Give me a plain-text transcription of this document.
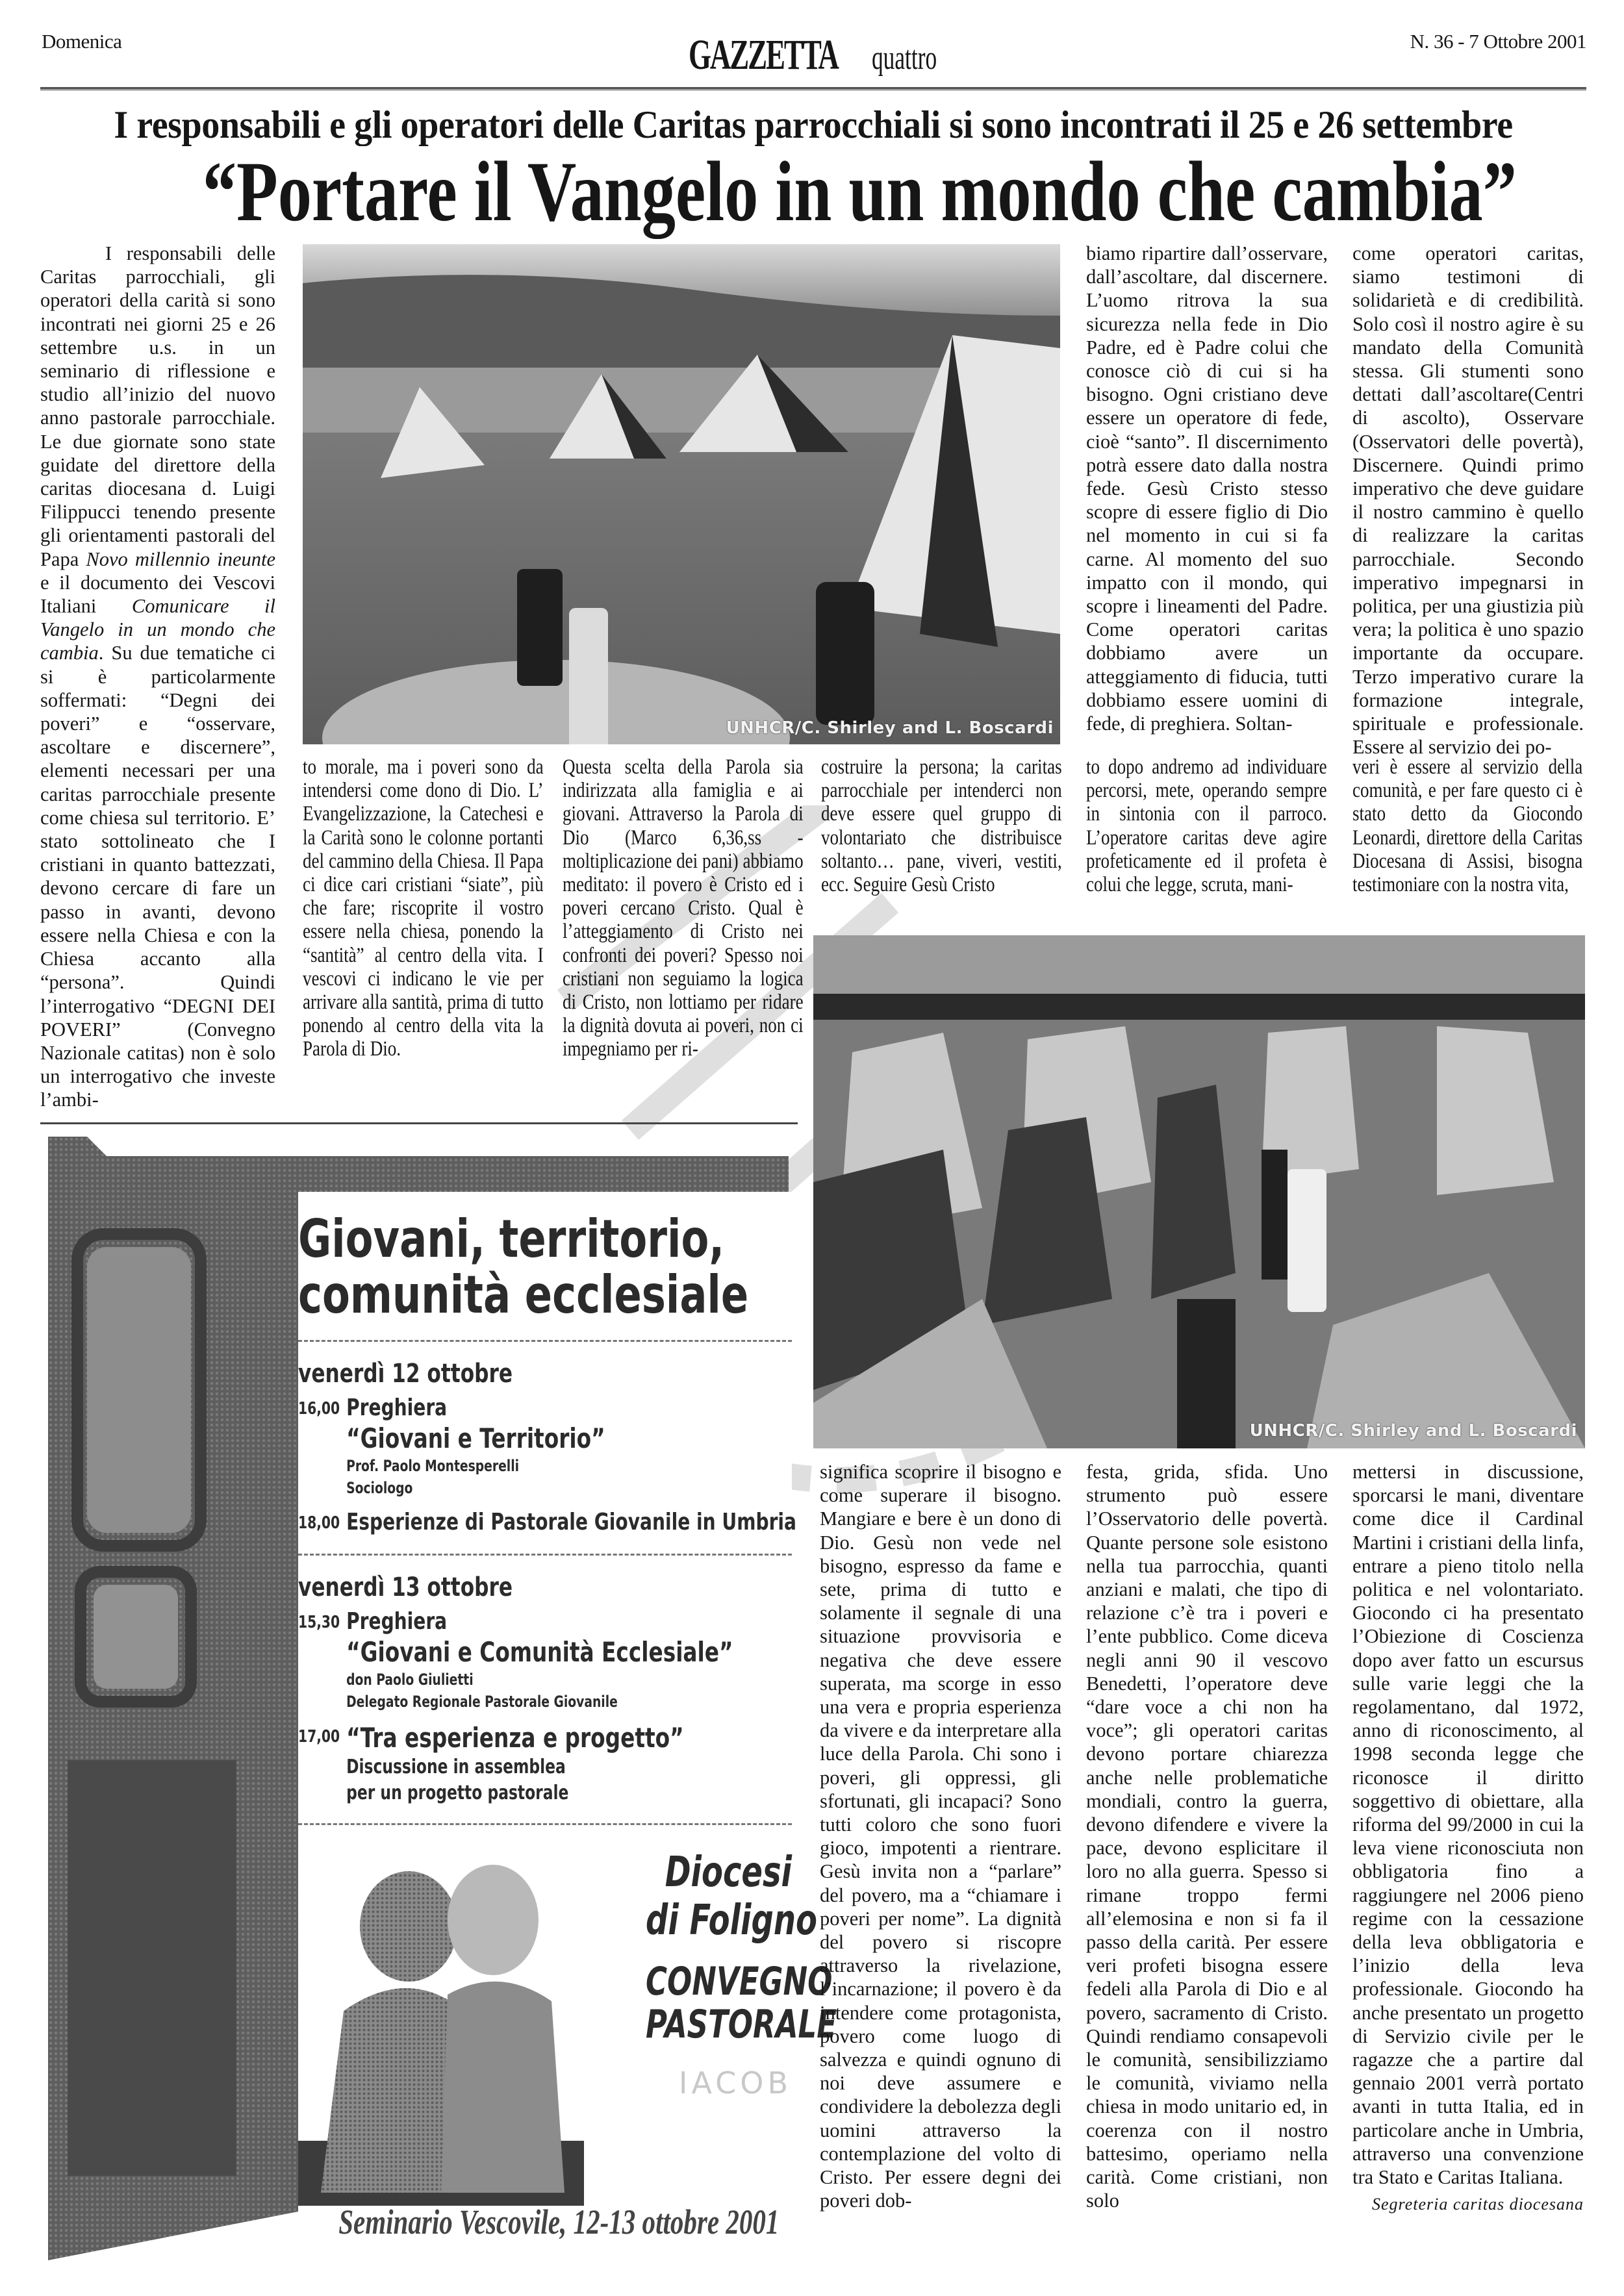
Domenica	GAZZETTA quattro	N. 36 - 7 Ottobre 2001
I responsabili e gli operatori delle Caritas parrocchiali si sono incontrati il 25 e 26 settembre
“Portare il Vangelo in un mondo che cambia”

I responsabili delle Caritas parrocchiali, gli operatori della carità si sono incontrati nei giorni 25 e 26 settembre u.s. in un seminario di riflessione e studio all’inizio del nuovo anno pastorale parrocchiale. Le due giornate sono state guidate del direttore della caritas diocesana d. Luigi Filippucci tenendo presente gli orientamenti pastorali del Papa Novo millennio ineunte e il documento dei Vescovi Italiani Comunicare il Vangelo in un mondo che cambia. Su due tematiche ci si è particolarmente soffermati: “Degni dei poveri” e “osservare, ascoltare e discernere”, elementi necessari per una caritas parrocchiale presente come chiesa sul territorio. E’ stato sottolineato che I cristiani in quanto battezzati, devono cercare di fare un passo in avanti, devono essere nella Chiesa e con la Chiesa accanto alla “persona”. Quindi l’interrogativo “DEGNI DEI POVERI” (Convegno Nazionale catitas) non è solo un interrogativo che investe l’ambi-

UNHCR/C. Shirley and L. Boscardi

biamo ripartire dall’osservare, dall’ascoltare, dal discernere. L’uomo ritrova la sua sicurezza nella fede in Dio Padre, ed è Padre colui che conosce ciò di cui si ha bisogno. Ogni cristiano deve essere un operatore di fede, cioè “santo”. Il discernimento potrà essere dato dalla nostra fede. Gesù Cristo stesso scopre di essere figlio di Dio nel momento in cui si fa carne. Al momento del suo impatto con il mondo, qui scopre i lineamenti del Padre. Come operatori caritas dobbiamo avere un atteggiamento di fiducia, tutti dobbiamo essere uomini di fede, di preghiera. Soltan-

come operatori caritas, siamo testimoni di solidarietà e di credibilità. Solo così il nostro agire è su mandato della Comunità stessa. Gli stumenti sono dettati dall’ascoltare(Centri di ascolto), Osservare (Osservatori delle povertà), Discernere. Quindi primo imperativo che deve guidare il nostro cammino è quello di realizzare la caritas parrocchiale. Secondo imperativo impegnarsi in politica, per una giustizia più vera; la politica è uno spazio importante da occupare. Terzo imperativo curare la formazione integrale, spirituale e professionale. Essere al servizio dei po-

to morale, ma i poveri sono da intendersi come dono di Dio. L’ Evangelizzazione, la Catechesi e la Carità sono le colonne portanti del cammino della Chiesa. Il Papa ci dice cari cristiani “siate”, più che fare; riscoprite il vostro essere nella chiesa, ponendo la “santità” al centro della vita. I vescovi ci indicano le vie per arrivare alla santità, prima di tutto ponendo al centro della vita la Parola di Dio.

Questa scelta della Parola sia indirizzata alla famiglia e ai giovani. Attraverso la Parola di Dio (Marco 6,36,ss - moltiplicazione dei pani) abbiamo meditato: il povero è Cristo ed i poveri cercano Cristo. Qual è l’atteggiamento di Cristo nei confronti dei poveri? Spesso noi cristiani non seguiamo la logica di Cristo, non lottiamo per ridare la dignità dovuta ai poveri, non ci impegniamo per ri-

costruire la persona; la caritas parrocchiale per intenderci non deve essere quel gruppo di volontariato che distribuisce soltanto… pane, viveri, vestiti, ecc. Seguire Gesù Cristo

to dopo andremo ad individuare percorsi, mete, operando sempre in sintonia con il parroco. L’operatore caritas deve agire profeticamente ed il profeta è colui che legge, scruta, mani-

veri è essere al servizio della comunità, e per fare questo ci è stato detto da Giocondo Leonardi, direttore della Caritas Diocesana di Assisi, bisogna testimoniare con la nostra vita,

UNHCR/C. Shirley and L. Boscardi
Giovani, territorio,
comunità ecclesiale
venerdì 12 ottobre
16,00 Preghiera
“Giovani e Territorio”
Prof. Paolo Montesperelli
Sociologo
18,00 Esperienze di Pastorale Giovanile in Umbria
venerdì 13 ottobre
15,30 Preghiera
“Giovani e Comunità Ecclesiale”
don Paolo Giulietti
Delegato Regionale Pastorale Giovanile
17,00 “Tra esperienza e progetto”
Discussione in assemblea
per un progetto pastorale
Diocesi
di Foligno
CONVEGNO
PASTORALE
IACOB
Seminario Vescovile, 12-13 ottobre 2001

significa scoprire il bisogno e come superare il bisogno. Mangiare e bere è un dono di Dio. Gesù non vede nel bisogno, espresso da fame e sete, prima di tutto e solamente il segnale di una situazione provvisoria e negativa che deve essere superata, ma scorge in esso una vera e propria esperienza da vivere e da interpretare alla luce della Parola. Chi sono i poveri, gli oppressi, gli sfortunati, gli incapaci? Sono tutti coloro che sono fuori gioco, impotenti a rientrare. Gesù invita non a “parlare” del povero, ma a “chiamare i poveri per nome”. La dignità del povero si riscopre attraverso la rivelazione, l’incarnazione; il povero è da intendere come protagonista, povero come luogo di salvezza e quindi ognuno di noi deve assumere e condividere la debolezza degli uomini attraverso la contemplazione del volto di Cristo. Per essere degni dei poveri dob-

festa, grida, sfida. Uno strumento può essere l’Osservatorio delle povertà. Quante persone sole esistono nella tua parrocchia, quanti anziani e malati, che tipo di relazione c’è tra i poveri e l’ente pubblico. Come diceva negli anni 90 il vescovo Benedetti, l’operatore deve “dare voce a chi non ha voce”; gli operatori caritas devono portare chiarezza anche nelle problematiche mondiali, contro la guerra, devono difendere e vivere la pace, devono esplicitare il loro no alla guerra. Spesso si rimane troppo fermi all’elemosina e non si fa il passo della carità. Per essere veri profeti bisogna essere fedeli alla Parola di Dio e al povero, sacramento di Cristo. Quindi rendiamo consapevoli le comunità, sensibilizziamo le comunità, viviamo nella chiesa in modo unitario ed, in coerenza con il nostro battesimo, operiamo nella carità. Come cristiani, non solo

mettersi in discussione, sporcarsi le mani, diventare come dice il Cardinal Martini i cristiani della linfa, entrare a pieno titolo nella politica e nel volontariato. Giocondo ci ha presentato l’Obiezione di Coscienza dopo aver fatto un escursus sulle varie leggi che la regolamentano, dal 1972, anno di riconoscimento, al 1998 seconda legge che riconosce il diritto soggettivo di obiettare, alla riforma del 99/2000 in cui la leva viene riconosciuta non obbligatoria fino a raggiungere nel 2006 pieno regime con la cessazione della leva obbligatoria e l’inizio della leva professionale. Giocondo ha anche presentato un progetto di Servizio civile per le ragazze che a partire dal gennaio 2001 verrà portato avanti in tutta Italia, ed in particolare anche in Umbria, attraverso una convenzione tra Stato e Caritas Italiana.

Segreteria caritas diocesana
